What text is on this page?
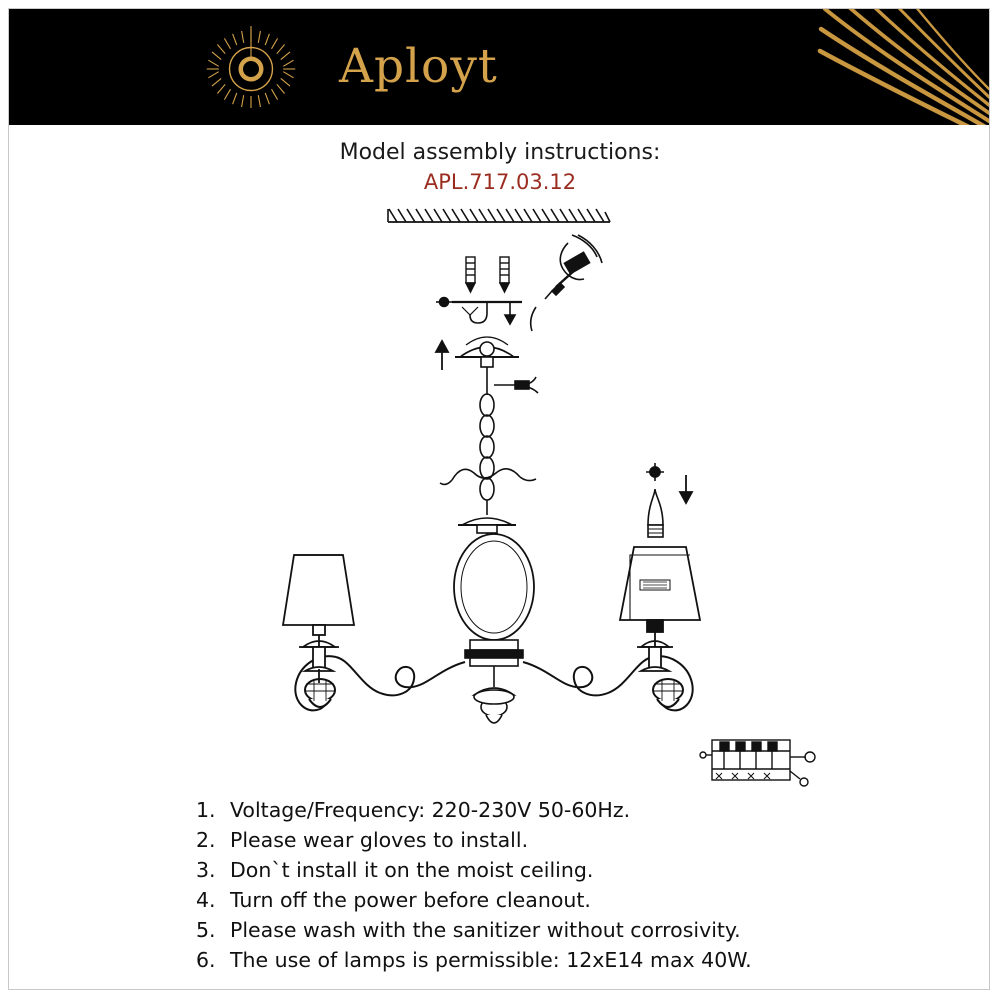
Aployt
Model assembly instructions:
APL.717.03.12
1. Voltage/Frequency: 220-230V 50-60Hz.
2. Please wear gloves to install.
3. Don`t install it on the moist ceiling.
4. Turn off the power before cleanout.
5. Please wash with the sanitizer without corrosivity.
6. The use of lamps is permissible: 12xE14 max 40W.
